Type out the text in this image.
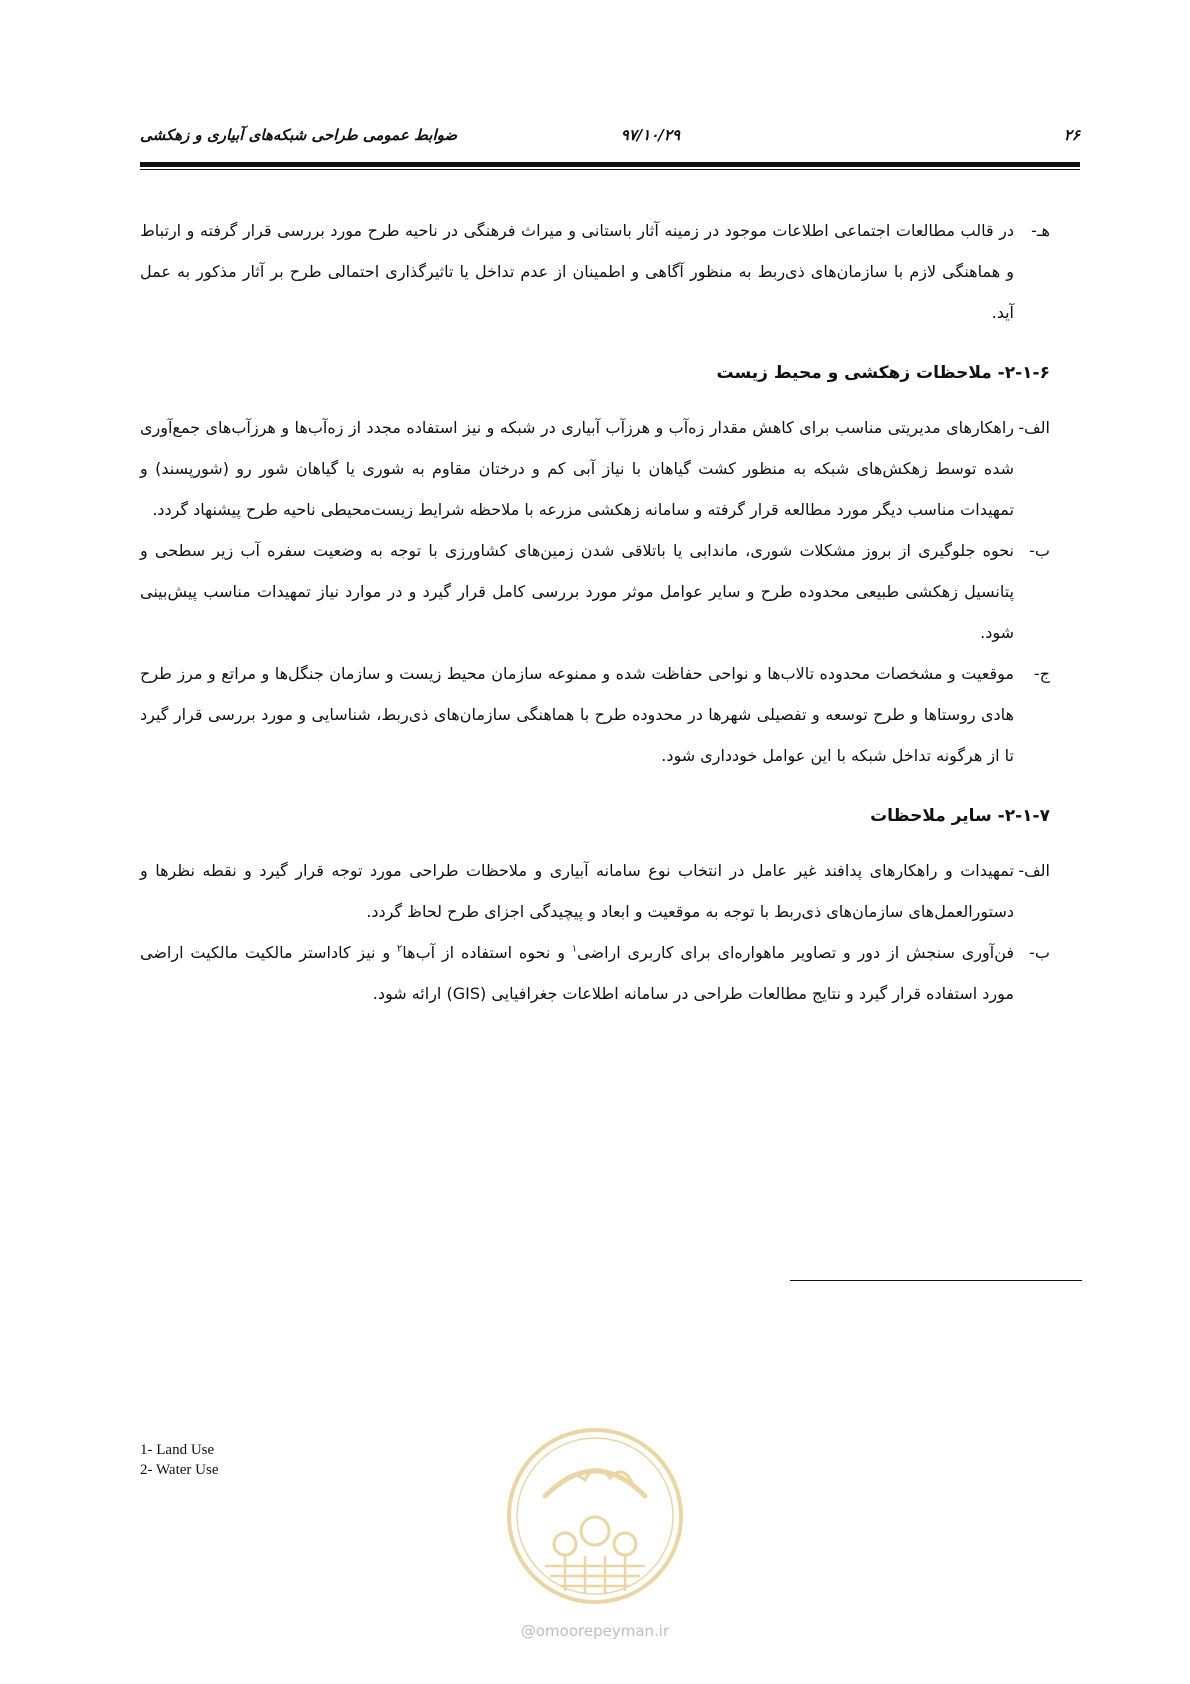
۲۶
۹۷/۱۰/۲۹
ضوابط عمومی طراحی شبکه‌های آبیاری و زهکشی
هـ-
در قالب مطالعات اجتماعی اطلاعات موجود در زمینه آثار باستانی و میراث فرهنگی در ناحیه طرح مورد بررسی قرار گرفته و ارتباط و هماهنگی لازم با سازمان‌های ذی‌ربط به منظور آگاهی و اطمینان از عدم تداخل یا تاثیرگذاری احتمالی طرح بر آثار مذکور به عمل آید.
۲-۱-۶- ملاحظات زهکشی و محیط زیست
الف-
راهکارهای مدیریتی مناسب برای کاهش مقدار زه‌آب و هرزآب آبیاری در شبکه و نیز استفاده مجدد از زه‌آب‌ها و هرزآب‌های جمع‌آوری شده توسط زهکش‌های شبکه به منظور کشت گیاهان با نیاز آبی کم و درختان مقاوم به شوری یا گیاهان شور رو (شورپسند) و تمهیدات مناسب دیگر مورد مطالعه قرار گرفته و سامانه زهکشی مزرعه با ملاحظه شرایط زیست‌محیطی ناحیه طرح پیشنهاد گردد.
ب-
نحوه جلوگیری از بروز مشکلات شوری، ماندابی یا باتلاقی شدن زمین‌های کشاورزی با توجه به وضعیت سفره آب زیر سطحی و پتانسیل زهکشی طبیعی محدوده طرح و سایر عوامل موثر مورد بررسی کامل قرار گیرد و در موارد نیاز تمهیدات مناسب پیش‌بینی شود.
ج-
موقعیت و مشخصات محدوده تالاب‌ها و نواحی حفاظت شده و ممنوعه سازمان محیط زیست و سازمان جنگل‌ها و مراتع و مرز طرح هادی روستاها و طرح توسعه و تفصیلی شهرها در محدوده طرح با هماهنگی سازمان‌های ذی‌ربط، شناسایی و مورد بررسی قرار گیرد تا از هرگونه تداخل شبکه با این عوامل خودداری شود.
۲-۱-۷- سایر ملاحظات
الف-
تمهیدات و راهکارهای پدافند غیر عامل در انتخاب نوع سامانه آبیاری و ملاحظات طراحی مورد توجه قرار گیرد و نقطه نظرها و دستورالعمل‌های سازمان‌های ذی‌ربط با توجه به موقعیت و ابعاد و پیچیدگی اجزای طرح لحاظ گردد.
ب-
فن‌آوری سنجش از دور و تصاویر ماهواره‌ای برای کاربری اراضی$^۱$ و نحوه استفاده از آب‌ها$^۲$ و نیز کاداستر مالکیت مالکیت اراضی مورد استفاده قرار گیرد و نتایج مطالعات طراحی در سامانه اطلاعات جغرافیایی (GIS) ارائه شود.
1- Land Use
2- Water Use
@omoorepeyman.ir
